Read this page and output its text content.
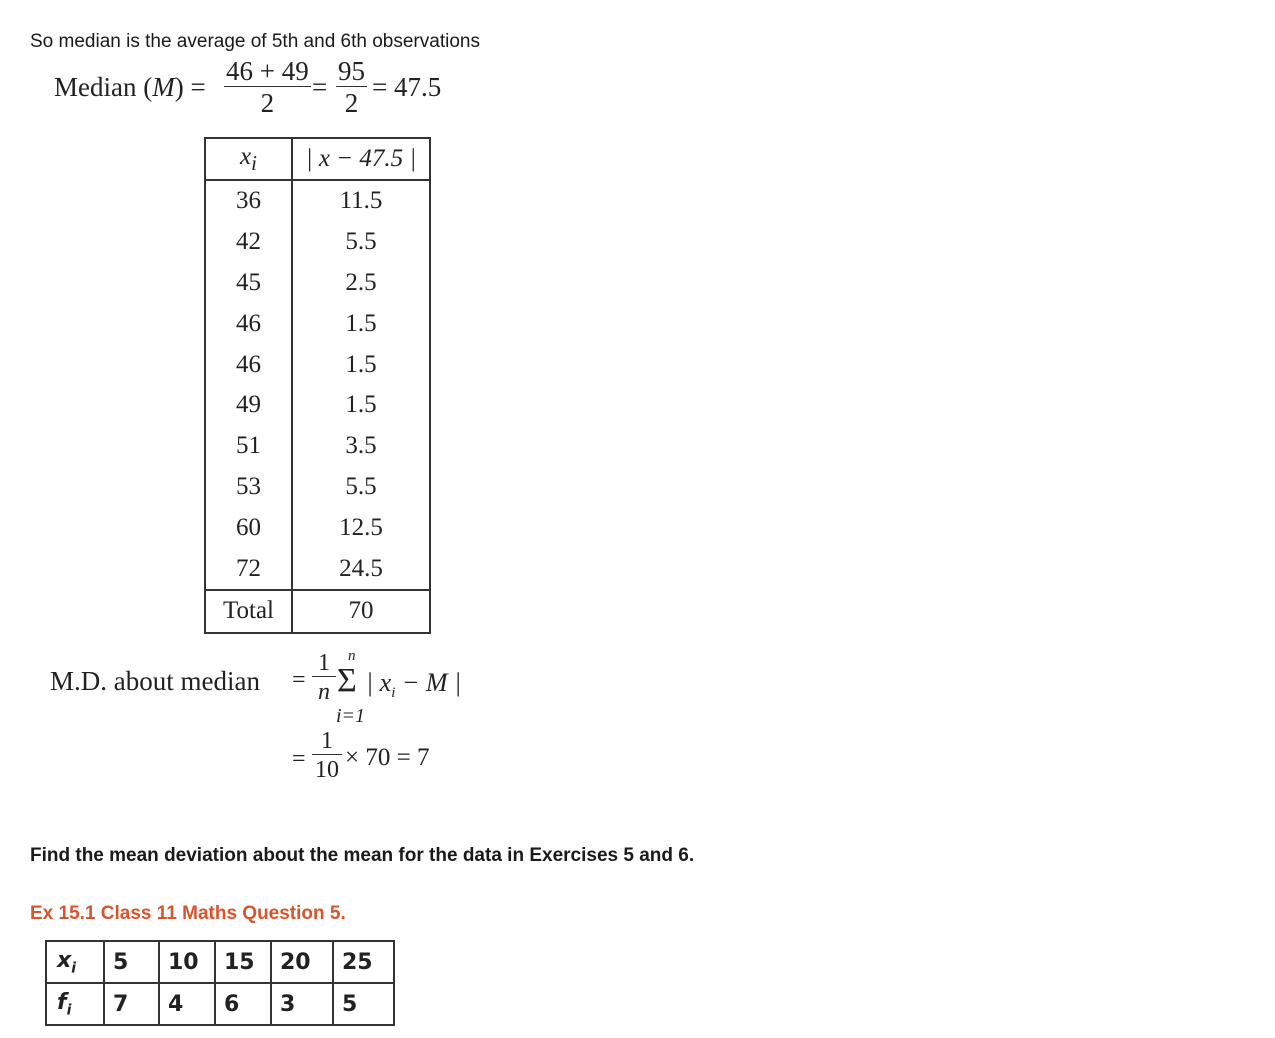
So median is the average of 5th and 6th observations
Median $(M) = \frac{46 + 49}{2} = \frac{95}{2} = 47.5$
$x_i$	| x − 47.5 |
36	11.5
42	5.5
45	2.5
46	1.5
46	1.5
49	1.5
51	3.5
53	5.5
60	12.5
72	24.5
Total	70
M.D. about median = $\frac{1}{n}$ n
Σ
i=1
| $x_i - M$ |
= $\frac{1}{10} \times 70 = 7$
Find the mean deviation about the mean for the data in Exercises 5 and 6.
Ex 15.1 Class 11 Maths Question 5.
$x_i$	5	10	15	20	25
$f_i$	7	4	6	3	5
